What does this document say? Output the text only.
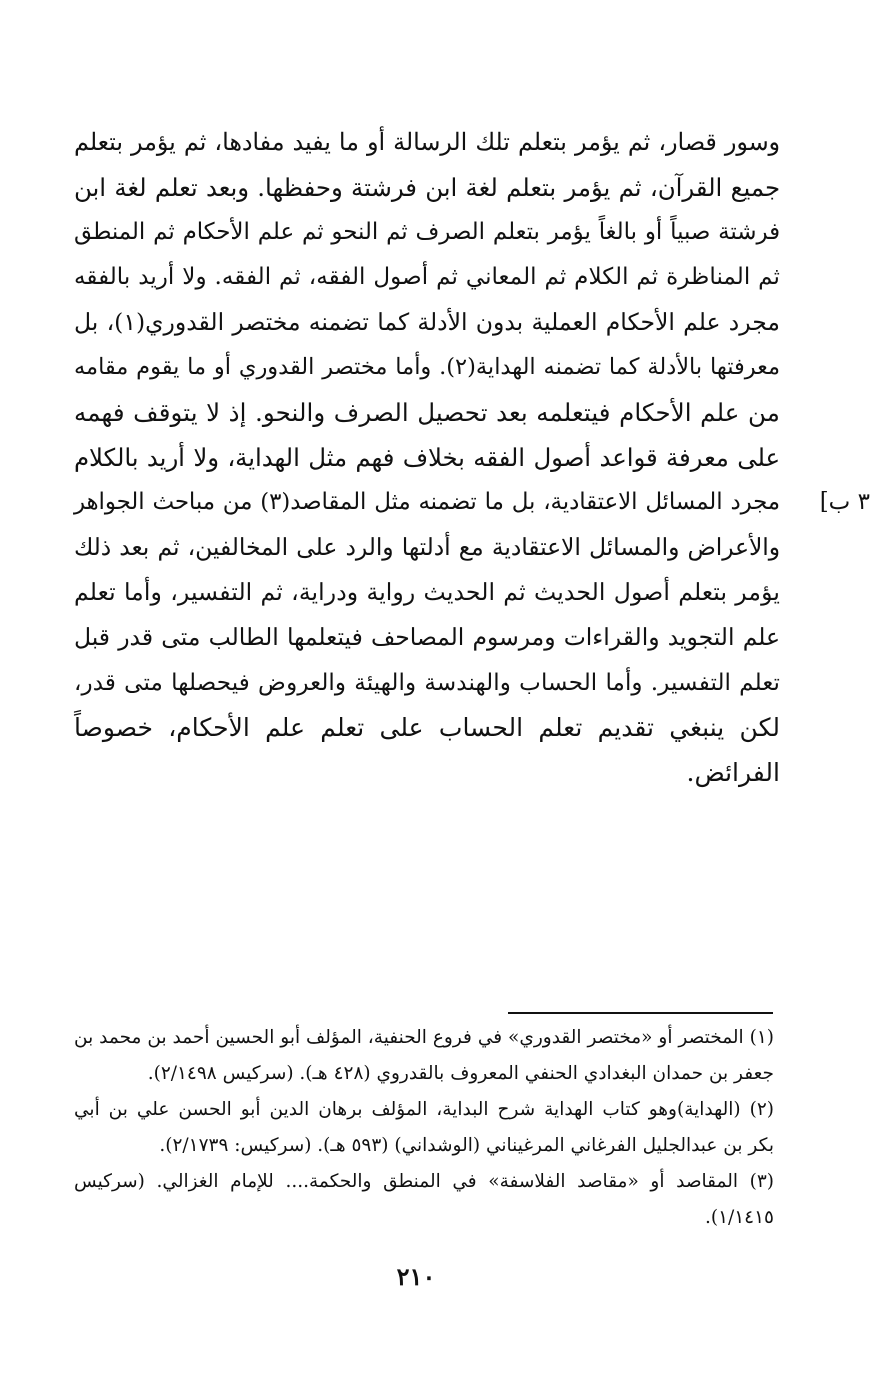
وسور قصار، ثم يؤمر بتعلم تلك الرسالة أو ما يفيد مفادها، ثم يؤمر بتعلم
جميع القرآن، ثم يؤمر بتعلم لغة ابن فرشتة وحفظها. وبعد تعلم لغة ابن
فرشتة صبياً أو بالغاً يؤمر بتعلم الصرف ثم النحو ثم علم الأحكام ثم المنطق
ثم المناظرة ثم الكلام ثم المعاني ثم أصول الفقه، ثم الفقه. ولا أريد بالفقه
مجرد علم الأحكام العملية بدون الأدلة كما تضمنه مختصر القدوري(١)، بل
معرفتها بالأدلة كما تضمنه الهداية(٢). وأما مختصر القدوري أو ما يقوم مقامه
من علم الأحكام فيتعلمه بعد تحصيل الصرف والنحو. إذ لا يتوقف فهمه
على معرفة قواعد أصول الفقه بخلاف فهم مثل الهداية، ولا أريد بالكلام
مجرد المسائل الاعتقادية، بل ما تضمنه مثل المقاصد(٣) من مباحث الجواهر
والأعراض والمسائل الاعتقادية مع أدلتها والرد على المخالفين، ثم بعد ذلك
يؤمر بتعلم أصول الحديث ثم الحديث رواية ودراية، ثم التفسير، وأما تعلم
علم التجويد والقراءات ومرسوم المصاحف فيتعلمها الطالب متى قدر قبل
تعلم التفسير. وأما الحساب والهندسة والهيئة والعروض فيحصلها متى قدر،
لكن ينبغي تقديم تعلم الحساب على تعلم علم الأحكام، خصوصاً
الفرائض.
٣ ب]
(١) المختصر أو «مختصر القدوري» في فروع الحنفية، المؤلف أبو الحسين أحمد بن محمد بن
جعفر بن حمدان البغدادي الحنفي المعروف بالقدروي (٤٢٨ هـ). (سركيس ٢/١٤٩٨).
(٢) (الهداية)وهو كتاب الهداية شرح البداية، المؤلف برهان الدين أبو الحسن علي بن أبي
بكر بن عبدالجليل الفرغاني المرغيناني (الوشداني) (٥٩٣ هـ). (سركيس: ٢/١٧٣٩).
(٣) المقاصد أو «مقاصد الفلاسفة» في المنطق والحكمة.... للإمام الغزالي. (سركيس
١/١٤١٥).
٢١٠
